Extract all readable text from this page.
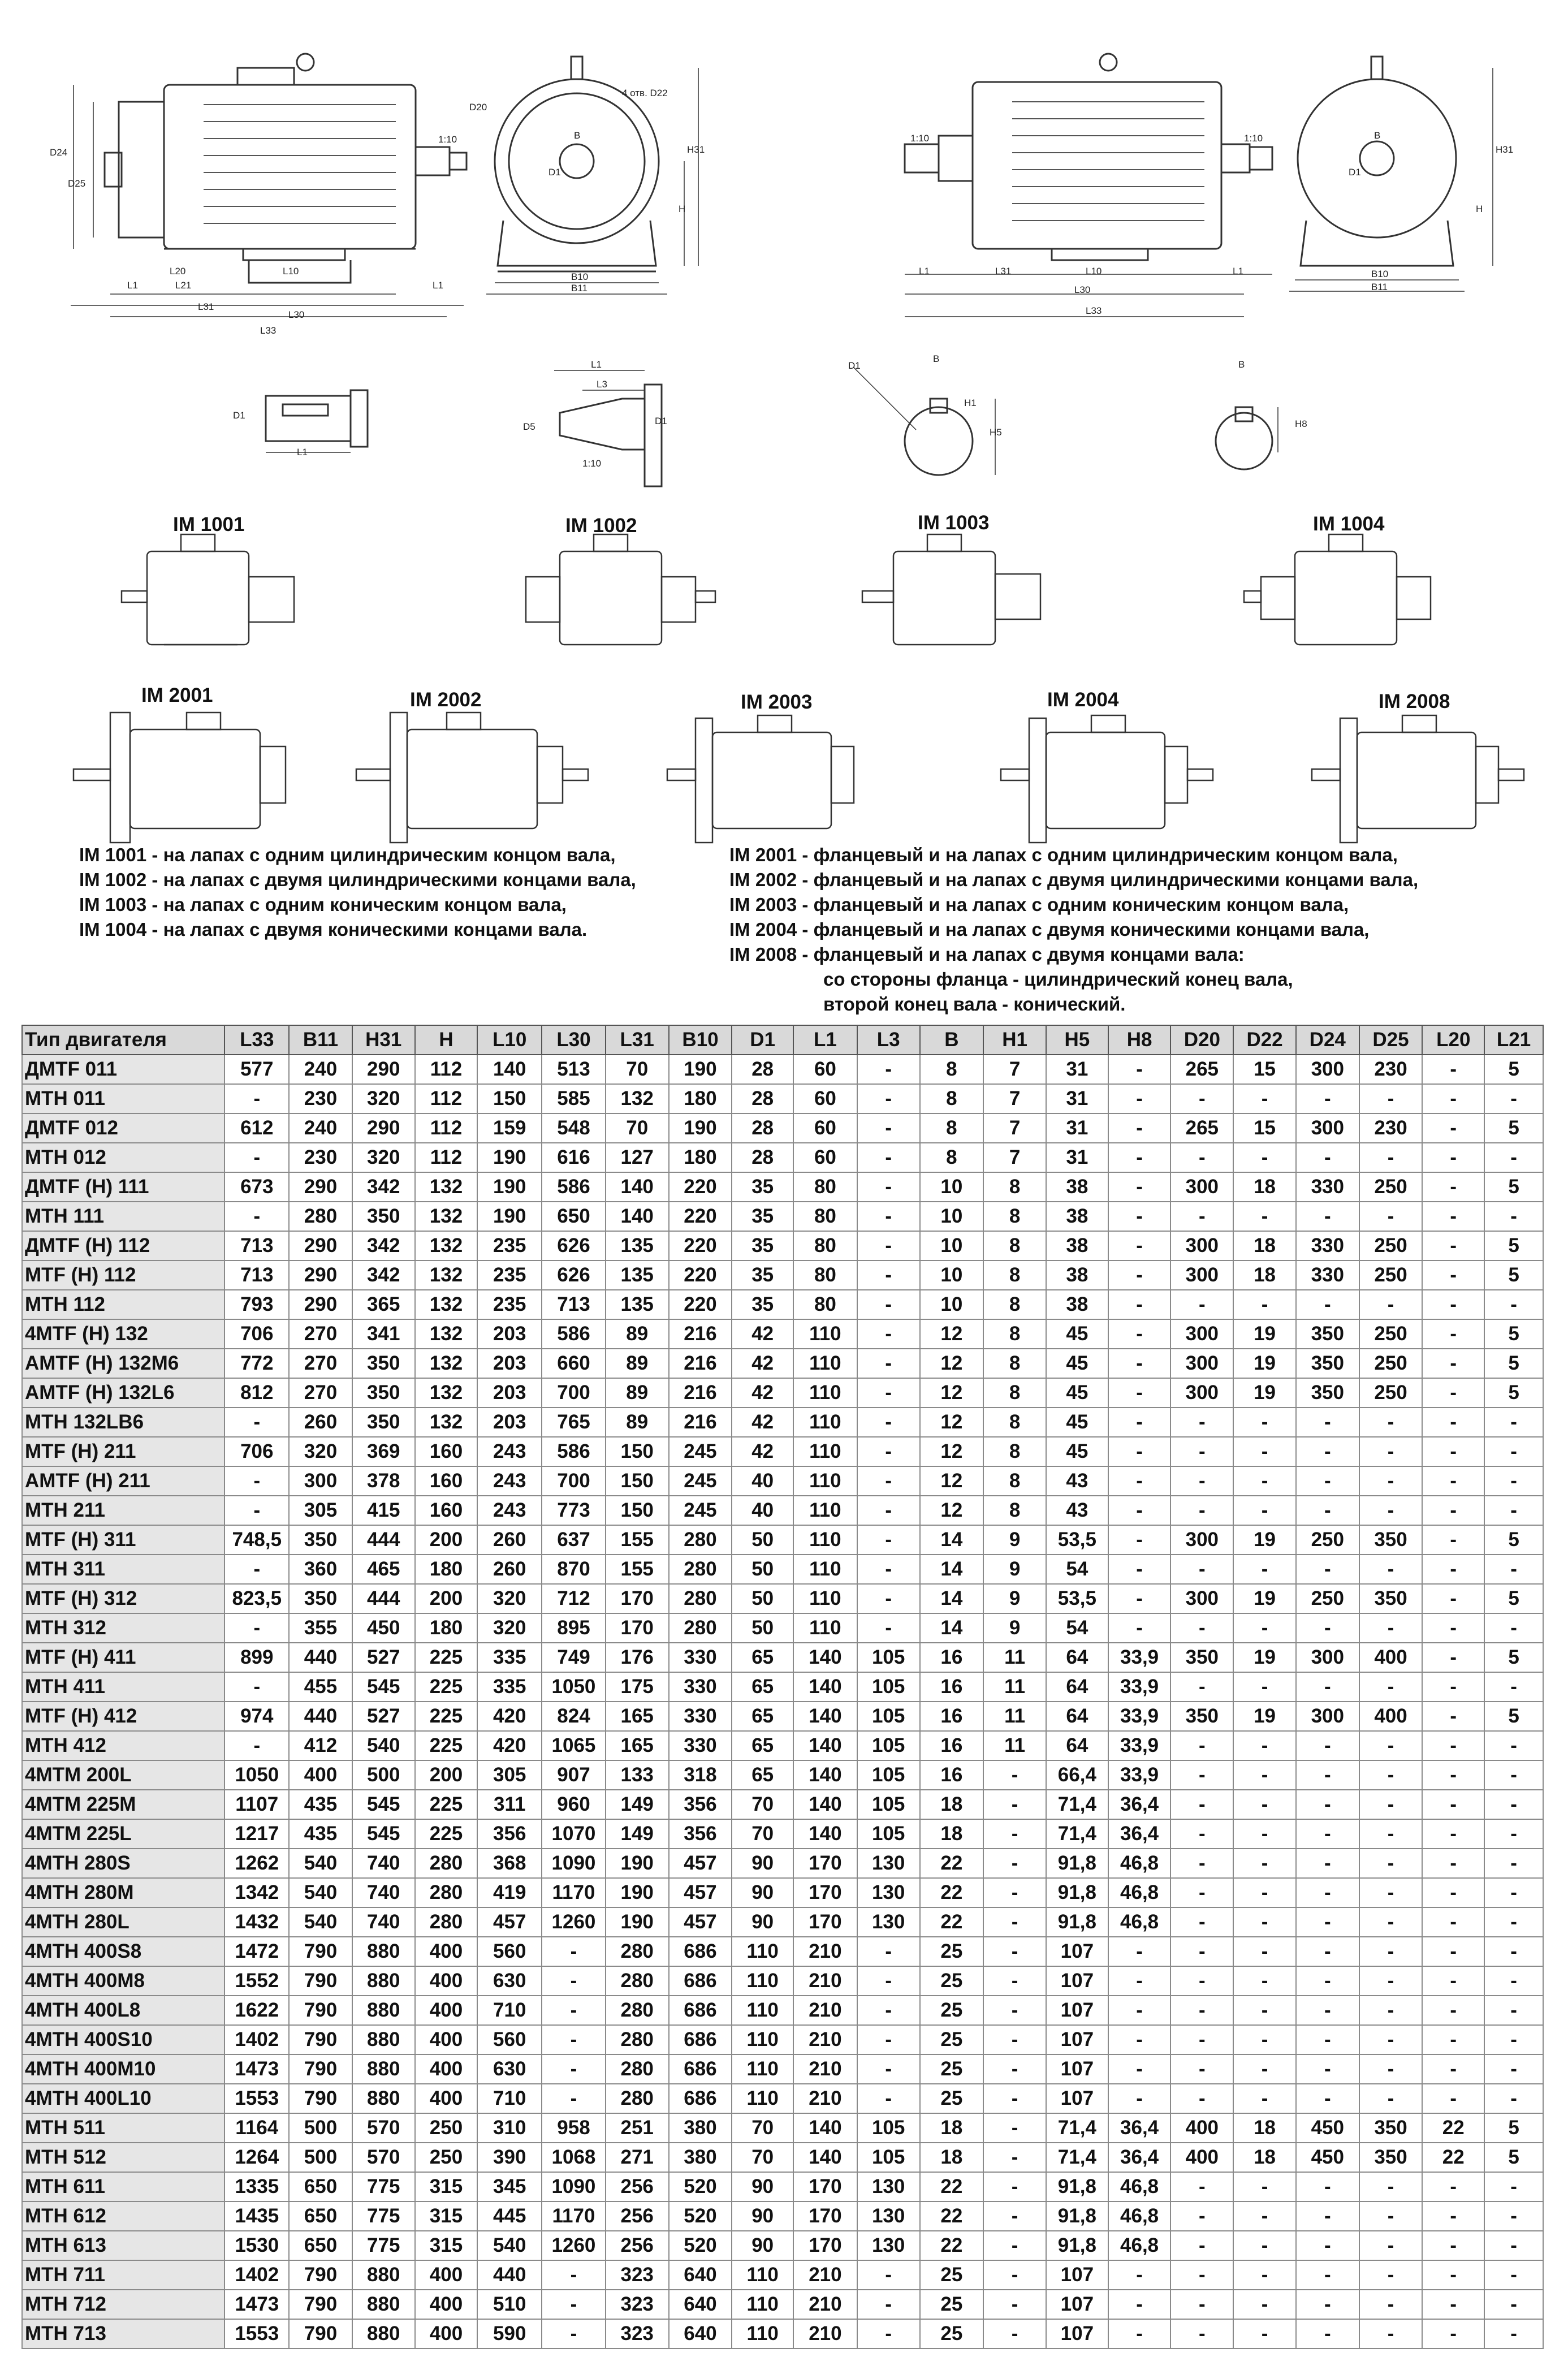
D24
D25
L20
L1	L21
L10
L31
L30
L33
L1
1:10
D20
4 отв. D22
B
D1
H
H31
B10
B11
1:10
L1	L31	L10
L30
L33
L1
1:10	B
D1
H
H31
B10
B11
D1
L1
L1
L3
D5
D1
1:10
D1
B
H1
H5
B
H8
IM 1001	IM 1002	IM 1003	IM 1004
IM 2001	IM 2002	IM 2003	IM 2004	IM 2008
IM 1001 - на лапах с одним цилиндрическим концом вала,
IM 1002 - на лапах с двумя цилиндрическими концами вала,
IM 1003 - на лапах с одним коническим концом вала,
IM 1004 - на лапах с двумя коническими концами вала.
IM 2001 - фланцевый и на лапах с одним цилиндрическим концом вала,
IM 2002 - фланцевый и на лапах с двумя цилиндрическими концами вала,
IM 2003 - фланцевый и на лапах с одним коническим концом вала,
IM 2004 - фланцевый и на лапах с двумя коническими концами вала,
IM 2008 - фланцевый и на лапах с двумя концами вала:
со стороны фланца - цилиндрический конец вала,
второй конец вала - конический.
Тип двигателя	L33	B11	H31	H	L10	L30	L31	B10	D1	L1	L3	B	H1	H5	H8	D20	D22	D24	D25	L20	L21
ДМТF 011	577	240	290	112	140	513	70	190	28	60	-	8	7	31	-	265	15	300	230	-	5
МТН 011	-	230	320	112	150	585	132	180	28	60	-	8	7	31	-	-	-	-	-	-	-
ДМТF 012	612	240	290	112	159	548	70	190	28	60	-	8	7	31	-	265	15	300	230	-	5
МТН 012	-	230	320	112	190	616	127	180	28	60	-	8	7	31	-	-	-	-	-	-	-
ДМТF (Н) 111	673	290	342	132	190	586	140	220	35	80	-	10	8	38	-	300	18	330	250	-	5
МТН 111	-	280	350	132	190	650	140	220	35	80	-	10	8	38	-	-	-	-	-	-	-
ДМТF (Н) 112	713	290	342	132	235	626	135	220	35	80	-	10	8	38	-	300	18	330	250	-	5
МТF (Н) 112	713	290	342	132	235	626	135	220	35	80	-	10	8	38	-	300	18	330	250	-	5
МТН 112	793	290	365	132	235	713	135	220	35	80	-	10	8	38	-	-	-	-	-	-	-
4МТF (Н) 132	706	270	341	132	203	586	89	216	42	110	-	12	8	45	-	300	19	350	250	-	5
АМТF (Н) 132М6	772	270	350	132	203	660	89	216	42	110	-	12	8	45	-	300	19	350	250	-	5
АМТF (Н) 132L6	812	270	350	132	203	700	89	216	42	110	-	12	8	45	-	300	19	350	250	-	5
МТН 132LB6	-	260	350	132	203	765	89	216	42	110	-	12	8	45	-	-	-	-	-	-	-
МТF (Н) 211	706	320	369	160	243	586	150	245	42	110	-	12	8	45	-	-	-	-	-	-	-
АМТF (Н) 211	-	300	378	160	243	700	150	245	40	110	-	12	8	43	-	-	-	-	-	-	-
МТН 211	-	305	415	160	243	773	150	245	40	110	-	12	8	43	-	-	-	-	-	-	-
МТF (Н) 311	748,5	350	444	200	260	637	155	280	50	110	-	14	9	53,5	-	300	19	250	350	-	5
МТН 311	-	360	465	180	260	870	155	280	50	110	-	14	9	54	-	-	-	-	-	-	-
МТF (Н) 312	823,5	350	444	200	320	712	170	280	50	110	-	14	9	53,5	-	300	19	250	350	-	5
МТН 312	-	355	450	180	320	895	170	280	50	110	-	14	9	54	-	-	-	-	-	-	-
МТF (Н) 411	899	440	527	225	335	749	176	330	65	140	105	16	11	64	33,9	350	19	300	400	-	5
МТН 411	-	455	545	225	335	1050	175	330	65	140	105	16	11	64	33,9	-	-	-	-	-	-
МТF (Н) 412	974	440	527	225	420	824	165	330	65	140	105	16	11	64	33,9	350	19	300	400	-	5
МТН 412	-	412	540	225	420	1065	165	330	65	140	105	16	11	64	33,9	-	-	-	-	-	-
4МТМ 200L	1050	400	500	200	305	907	133	318	65	140	105	16	-	66,4	33,9	-	-	-	-	-	-
4МТМ 225М	1107	435	545	225	311	960	149	356	70	140	105	18	-	71,4	36,4	-	-	-	-	-	-
4МТМ 225L	1217	435	545	225	356	1070	149	356	70	140	105	18	-	71,4	36,4	-	-	-	-	-	-
4МТН 280S	1262	540	740	280	368	1090	190	457	90	170	130	22	-	91,8	46,8	-	-	-	-	-	-
4МТН 280М	1342	540	740	280	419	1170	190	457	90	170	130	22	-	91,8	46,8	-	-	-	-	-	-
4МТН 280L	1432	540	740	280	457	1260	190	457	90	170	130	22	-	91,8	46,8	-	-	-	-	-	-
4МТН 400S8	1472	790	880	400	560	-	280	686	110	210	-	25	-	107	-	-	-	-	-	-	-
4МТН 400М8	1552	790	880	400	630	-	280	686	110	210	-	25	-	107	-	-	-	-	-	-	-
4МТН 400L8	1622	790	880	400	710	-	280	686	110	210	-	25	-	107	-	-	-	-	-	-	-
4МТН 400S10	1402	790	880	400	560	-	280	686	110	210	-	25	-	107	-	-	-	-	-	-	-
4МТН 400М10	1473	790	880	400	630	-	280	686	110	210	-	25	-	107	-	-	-	-	-	-	-
4МТН 400L10	1553	790	880	400	710	-	280	686	110	210	-	25	-	107	-	-	-	-	-	-	-
МТН 511	1164	500	570	250	310	958	251	380	70	140	105	18	-	71,4	36,4	400	18	450	350	22	5
МТН 512	1264	500	570	250	390	1068	271	380	70	140	105	18	-	71,4	36,4	400	18	450	350	22	5
МТН 611	1335	650	775	315	345	1090	256	520	90	170	130	22	-	91,8	46,8	-	-	-	-	-	-
МТН 612	1435	650	775	315	445	1170	256	520	90	170	130	22	-	91,8	46,8	-	-	-	-	-	-
МТН 613	1530	650	775	315	540	1260	256	520	90	170	130	22	-	91,8	46,8	-	-	-	-	-	-
МТН 711	1402	790	880	400	440	-	323	640	110	210	-	25	-	107	-	-	-	-	-	-	-
МТН 712	1473	790	880	400	510	-	323	640	110	210	-	25	-	107	-	-	-	-	-	-	-
МТН 713	1553	790	880	400	590	-	323	640	110	210	-	25	-	107	-	-	-	-	-	-	-
